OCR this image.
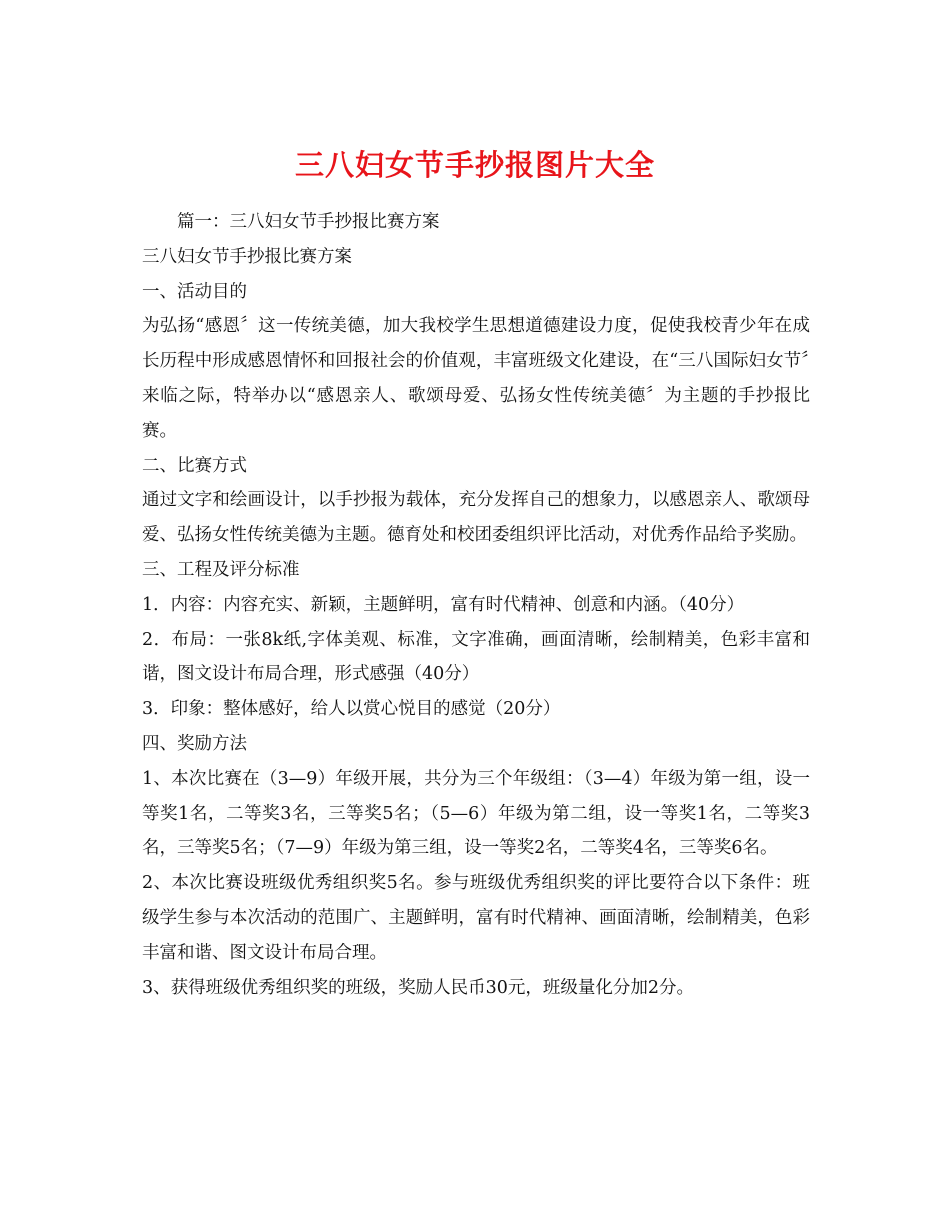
三八妇女节手抄报图片大全

篇一：三八妇女节手抄报比赛方案

三八妇女节手抄报比赛方案

一、活动目的

为弘扬“感恩〞这一传统美德，加大我校学生思想道德建设力度，促使我校青少年在成长历程中形成感恩情怀和回报社会的价值观，丰富班级文化建设，在“三八国际妇女节〞来临之际，特举办以“感恩亲人、歌颂母爱、弘扬女性传统美德〞为主题的手抄报比赛。

二、比赛方式

通过文字和绘画设计，以手抄报为载体，充分发挥自己的想象力，以感恩亲人、歌颂母爱、弘扬女性传统美德为主题。德育处和校团委组织评比活动，对优秀作品给予奖励。

三、工程及评分标准

1．内容：内容充实、新颖，主题鲜明，富有时代精神、创意和内涵。（40分）

2．布局：一张8k纸,字体美观、标准，文字准确，画面清晰，绘制精美，色彩丰富和谐，图文设计布局合理，形式感强（40分）

3．印象：整体感好，给人以赏心悦目的感觉（20分）

四、奖励方法

1、本次比赛在（3—9）年级开展，共分为三个年级组：（3—4）年级为第一组，设一等奖1名，二等奖3名，三等奖5名；（5—6）年级为第二组，设一等奖1名，二等奖3名，三等奖5名；（7—9）年级为第三组，设一等奖2名，二等奖4名，三等奖6名。

2、本次比赛设班级优秀组织奖5名。参与班级优秀组织奖的评比要符合以下条件：班级学生参与本次活动的范围广、主题鲜明，富有时代精神、画面清晰，绘制精美，色彩丰富和谐、图文设计布局合理。

3、获得班级优秀组织奖的班级，奖励人民币30元，班级量化分加2分。
